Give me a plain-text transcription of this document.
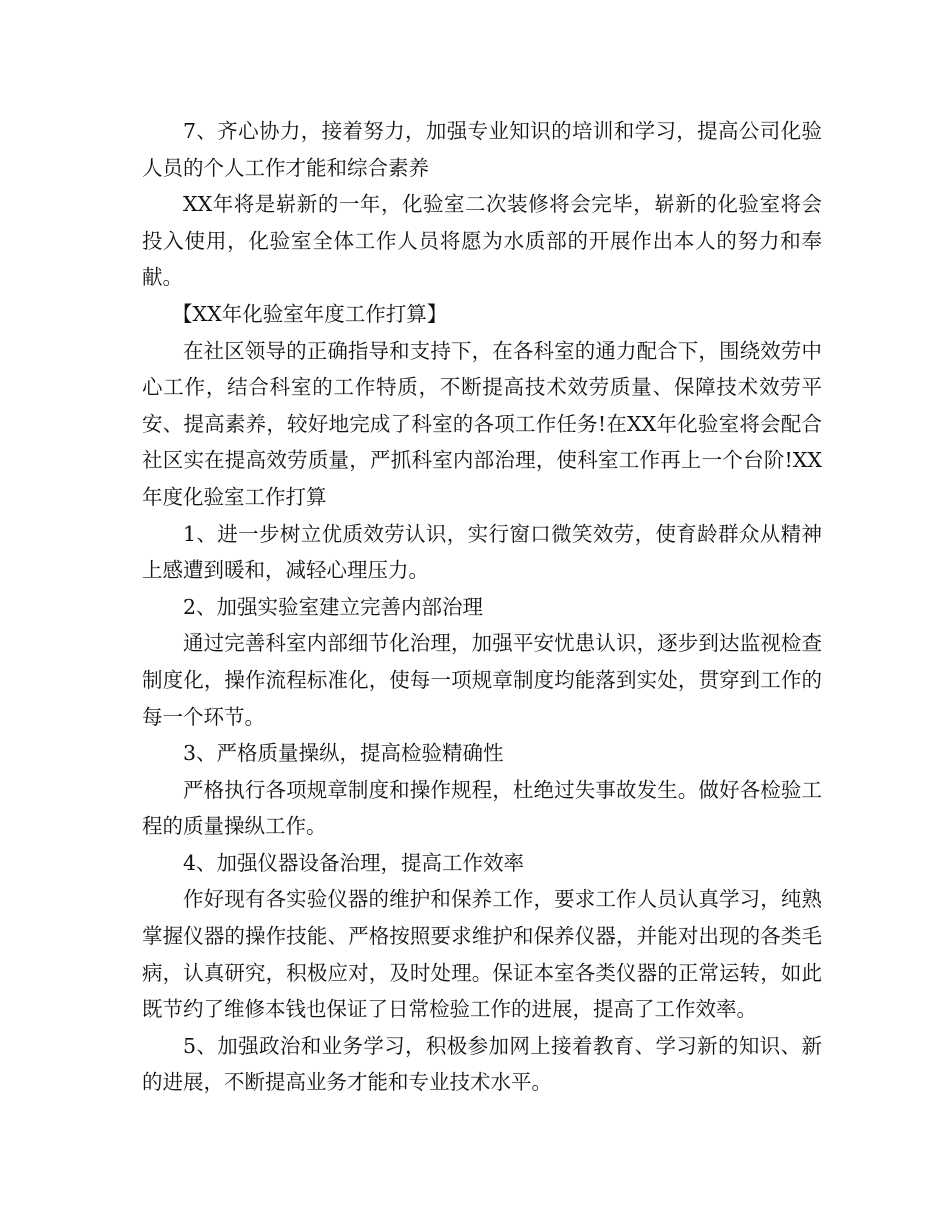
7、齐心协力，接着努力，加强专业知识的培训和学习，提高公司化验人员的个人工作才能和综合素养

XX年将是崭新的一年，化验室二次装修将会完毕，崭新的化验室将会投入使用，化验室全体工作人员将愿为水质部的开展作出本人的努力和奉献。

【XX年化验室年度工作打算】

在社区领导的正确指导和支持下，在各科室的通力配合下，围绕效劳中心工作，结合科室的工作特质，不断提高技术效劳质量、保障技术效劳平安、提高素养，较好地完成了科室的各项工作任务!在XX年化验室将会配合社区实在提高效劳质量，严抓科室内部治理，使科室工作再上一个台阶!XX年度化验室工作打算

1、进一步树立优质效劳认识，实行窗口微笑效劳，使育龄群众从精神上感遭到暖和，减轻心理压力。

2、加强实验室建立完善内部治理

通过完善科室内部细节化治理，加强平安忧患认识，逐步到达监视检查制度化，操作流程标准化，使每一项规章制度均能落到实处，贯穿到工作的每一个环节。

3、严格质量操纵，提高检验精确性

严格执行各项规章制度和操作规程，杜绝过失事故发生。做好各检验工程的质量操纵工作。

4、加强仪器设备治理，提高工作效率

作好现有各实验仪器的维护和保养工作，要求工作人员认真学习，纯熟掌握仪器的操作技能、严格按照要求维护和保养仪器，并能对出现的各类毛病，认真研究，积极应对，及时处理。保证本室各类仪器的正常运转，如此既节约了维修本钱也保证了日常检验工作的进展，提高了工作效率。

5、加强政治和业务学习，积极参加网上接着教育、学习新的知识、新的进展，不断提高业务才能和专业技术水平。
